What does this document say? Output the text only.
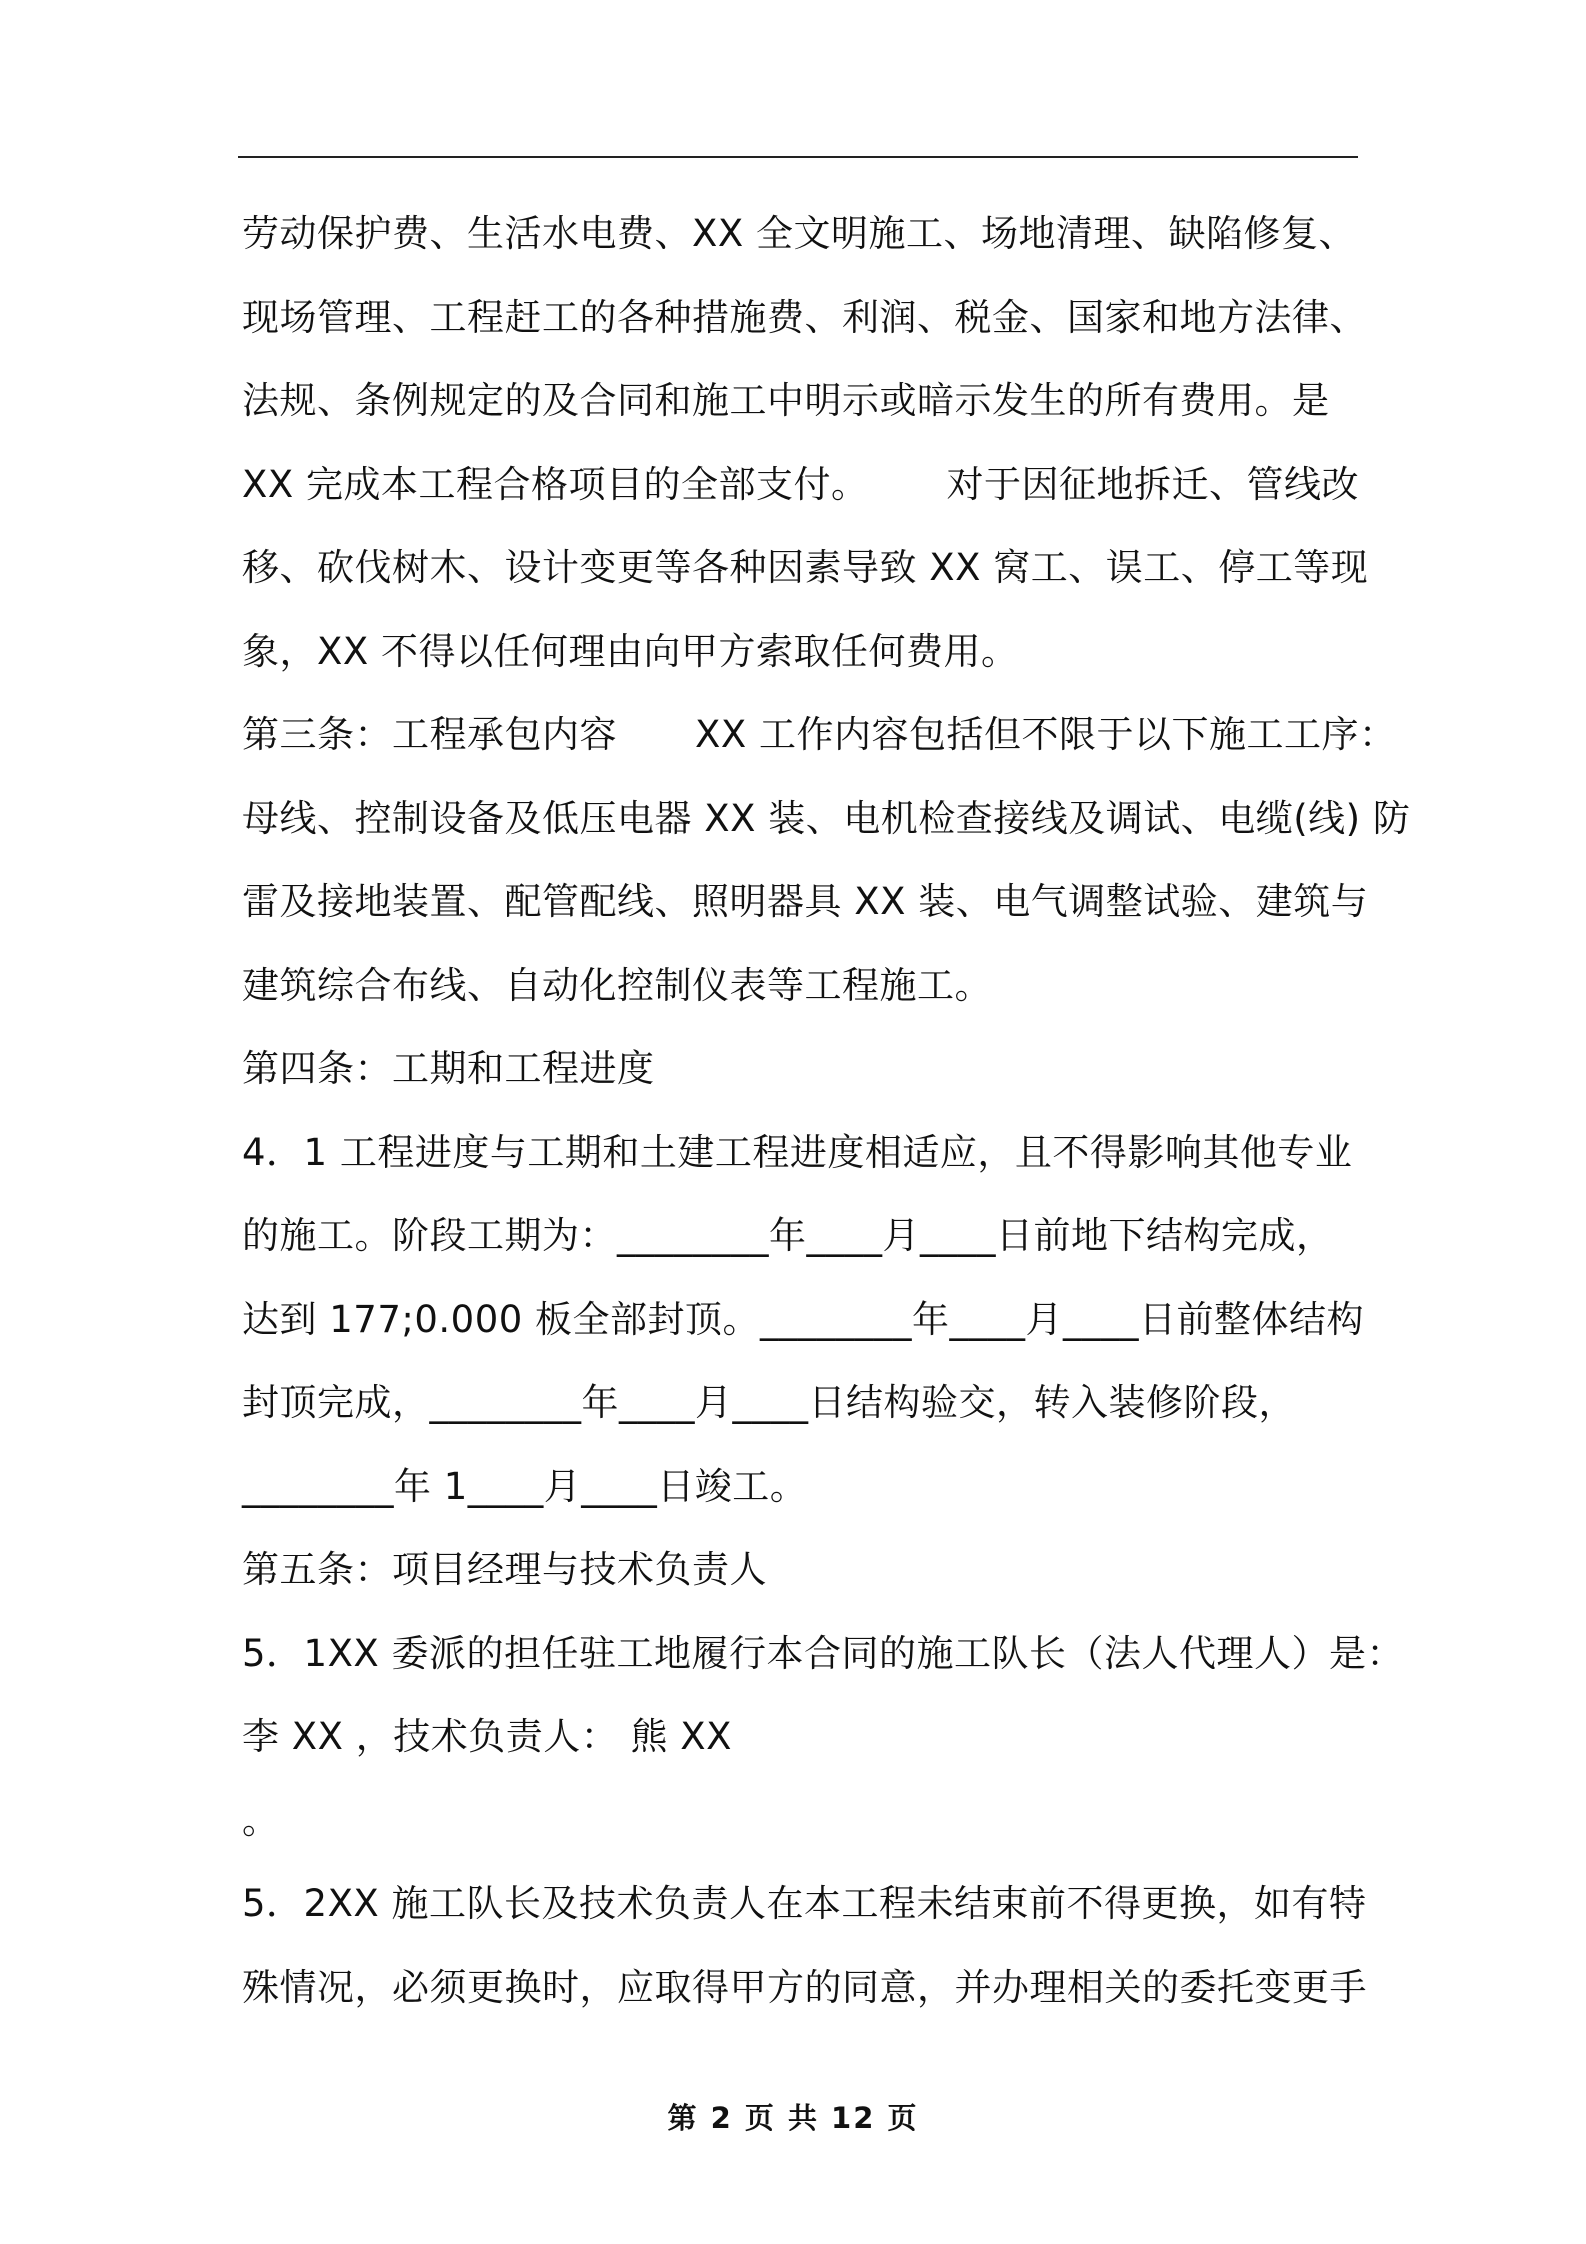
劳动保护费、生活水电费、XX 全文明施工、场地清理、缺陷修复、
现场管理、工程赶工的各种措施费、利润、税金、国家和地方法律、
法规、条例规定的及合同和施工中明示或暗示发生的所有费用。是
XX 完成本工程合格项目的全部支付。 对于因征地拆迁、管线改
移、砍伐树木、设计变更等各种因素导致 XX 窝工、误工、停工等现
象，XX 不得以任何理由向甲方索取任何费用。
第三条：工程承包内容 XX 工作内容包括但不限于以下施工工序：
母线、控制设备及低压电器 XX 装、电机检查接线及调试、电缆(线) 防
雷及接地装置、配管配线、照明器具 XX 装、电气调整试验、建筑与
建筑综合布线、自动化控制仪表等工程施工。
第四条：工期和工程进度
4．1 工程进度与工期和土建工程进度相适应，且不得影响其他专业
的施工。阶段工期为：________年____月____日前地下结构完成，
达到 177;0.000 板全部封顶。________年____月____日前整体结构
封顶完成，________年____月____日结构验交，转入装修阶段，
________年 1____月____日竣工。
第五条：项目经理与技术负责人
5．1XX 委派的担任驻工地履行本合同的施工队长（法人代理人）是：
李 XX ，技术负责人： 熊 XX
。
5．2XX 施工队长及技术负责人在本工程未结束前不得更换，如有特
殊情况，必须更换时，应取得甲方的同意，并办理相关的委托变更手
第 2 页 共 12 页
